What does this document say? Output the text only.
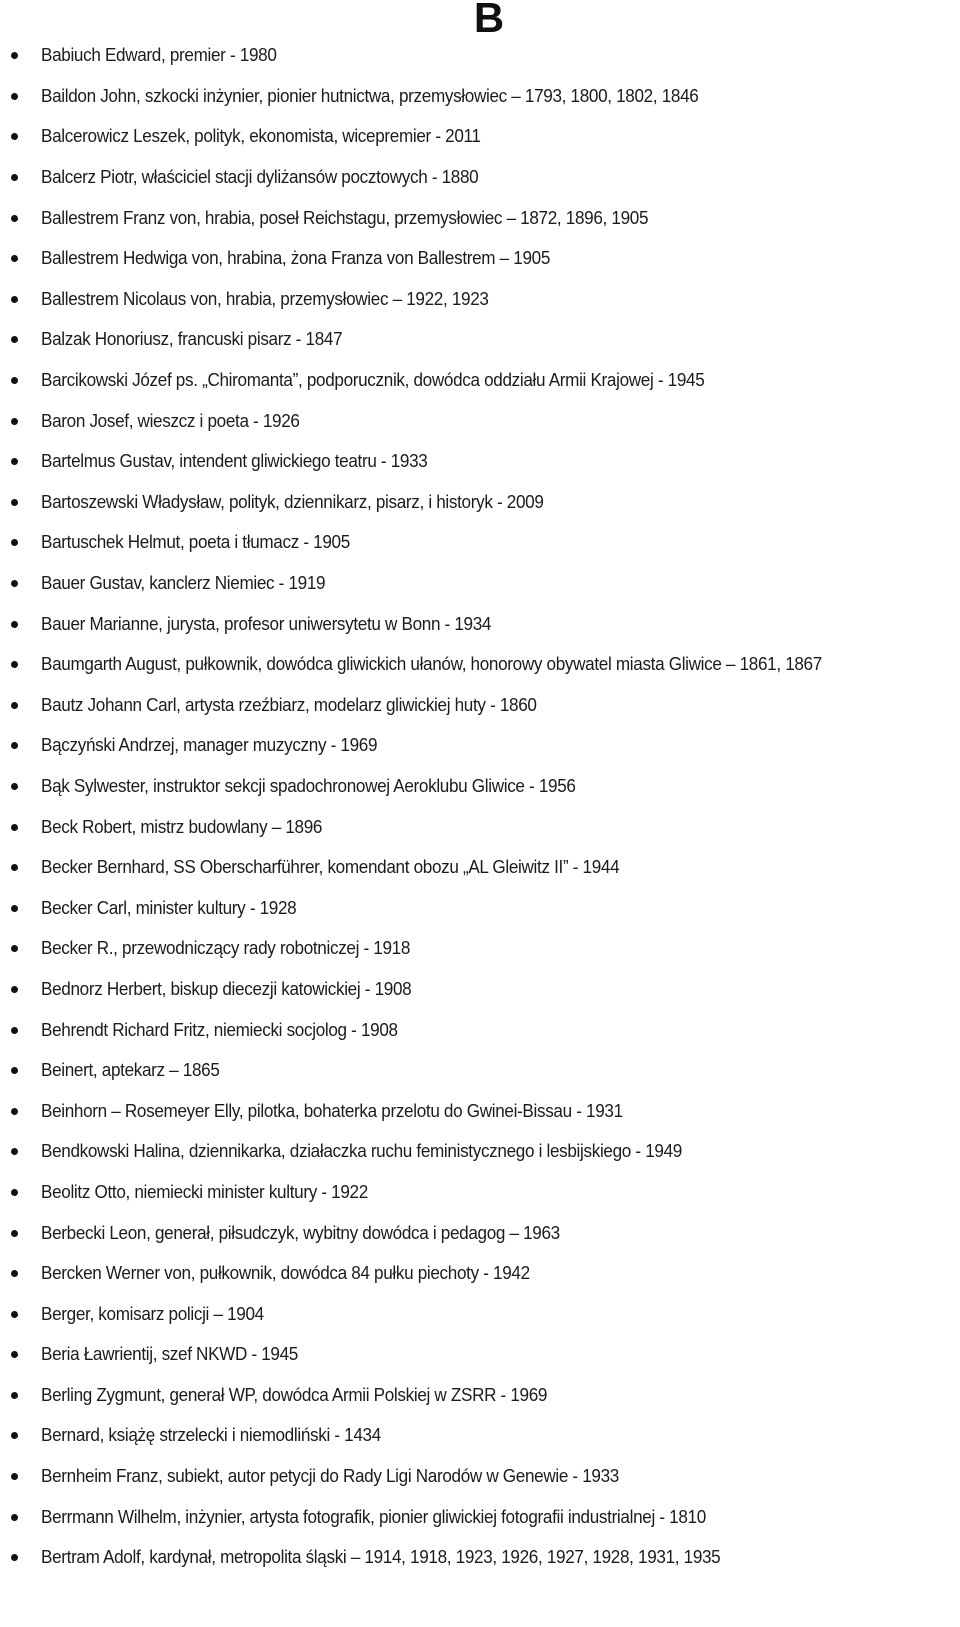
B
Babiuch Edward, premier - 1980
Baildon John, szkocki inżynier, pionier hutnictwa, przemysłowiec – 1793, 1800, 1802, 1846
Balcerowicz Leszek, polityk, ekonomista, wicepremier - 2011
Balcerz Piotr, właściciel stacji dyliżansów pocztowych - 1880
Ballestrem Franz von, hrabia, poseł Reichstagu, przemysłowiec – 1872, 1896, 1905
Ballestrem Hedwiga von, hrabina, żona Franza von Ballestrem – 1905
Ballestrem Nicolaus von, hrabia, przemysłowiec – 1922, 1923
Balzak Honoriusz, francuski pisarz - 1847
Barcikowski Józef ps. „Chiromanta”, podporucznik, dowódca oddziału Armii Krajowej - 1945
Baron Josef, wieszcz i poeta - 1926
Bartelmus Gustav, intendent gliwickiego teatru - 1933
Bartoszewski Władysław, polityk, dziennikarz, pisarz, i historyk - 2009
Bartuschek Helmut, poeta i tłumacz - 1905
Bauer Gustav, kanclerz Niemiec - 1919
Bauer Marianne, jurysta, profesor uniwersytetu w Bonn - 1934
Baumgarth August, pułkownik, dowódca gliwickich ułanów, honorowy obywatel miasta Gliwice – 1861, 1867
Bautz Johann Carl, artysta rzeźbiarz, modelarz gliwickiej huty - 1860
Bączyński Andrzej, manager muzyczny - 1969
Bąk Sylwester, instruktor sekcji spadochronowej Aeroklubu Gliwice - 1956
Beck Robert, mistrz budowlany – 1896
Becker Bernhard, SS Oberscharführer, komendant obozu „AL Gleiwitz II” - 1944
Becker Carl, minister kultury - 1928
Becker R., przewodniczący rady robotniczej - 1918
Bednorz Herbert, biskup diecezji katowickiej - 1908
Behrendt Richard Fritz, niemiecki socjolog - 1908
Beinert, aptekarz – 1865
Beinhorn – Rosemeyer Elly, pilotka, bohaterka przelotu do Gwinei-Bissau - 1931
Bendkowski Halina, dziennikarka, działaczka ruchu feministycznego i lesbijskiego - 1949
Beolitz Otto, niemiecki minister kultury - 1922
Berbecki Leon, generał, piłsudczyk, wybitny dowódca i pedagog – 1963
Bercken Werner von, pułkownik, dowódca 84 pułku piechoty - 1942
Berger, komisarz policji – 1904
Beria Ławrientij, szef NKWD - 1945
Berling Zygmunt, generał WP, dowódca Armii Polskiej w ZSRR - 1969
Bernard, książę strzelecki i niemodliński - 1434
Bernheim Franz, subiekt, autor petycji do Rady Ligi Narodów w Genewie - 1933
Berrmann Wilhelm, inżynier, artysta fotografik, pionier gliwickiej fotografii industrialnej - 1810
Bertram Adolf, kardynał, metropolita śląski – 1914, 1918, 1923, 1926, 1927, 1928, 1931, 1935
